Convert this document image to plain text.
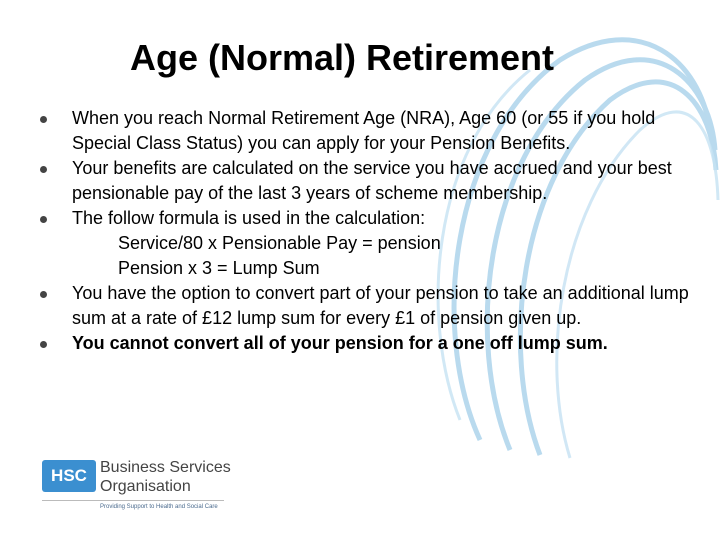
Age (Normal) Retirement
When you reach Normal Retirement Age (NRA), Age 60 (or 55 if you hold Special Class Status) you can apply for your Pension Benefits.
Your benefits are calculated on the service you have accrued and your best pensionable pay of the last 3 years of scheme membership.
The follow formula is used in the calculation:
Service/80 x Pensionable Pay = pension
Pension x 3 = Lump Sum
You have the option to convert part of your pension to take an additional lump sum at a rate of £12 lump sum for every £1 of pension given up.
You cannot convert all of your pension for a one off lump sum.
HSC Business Services
Organisation
Providing Support to Health and Social Care
